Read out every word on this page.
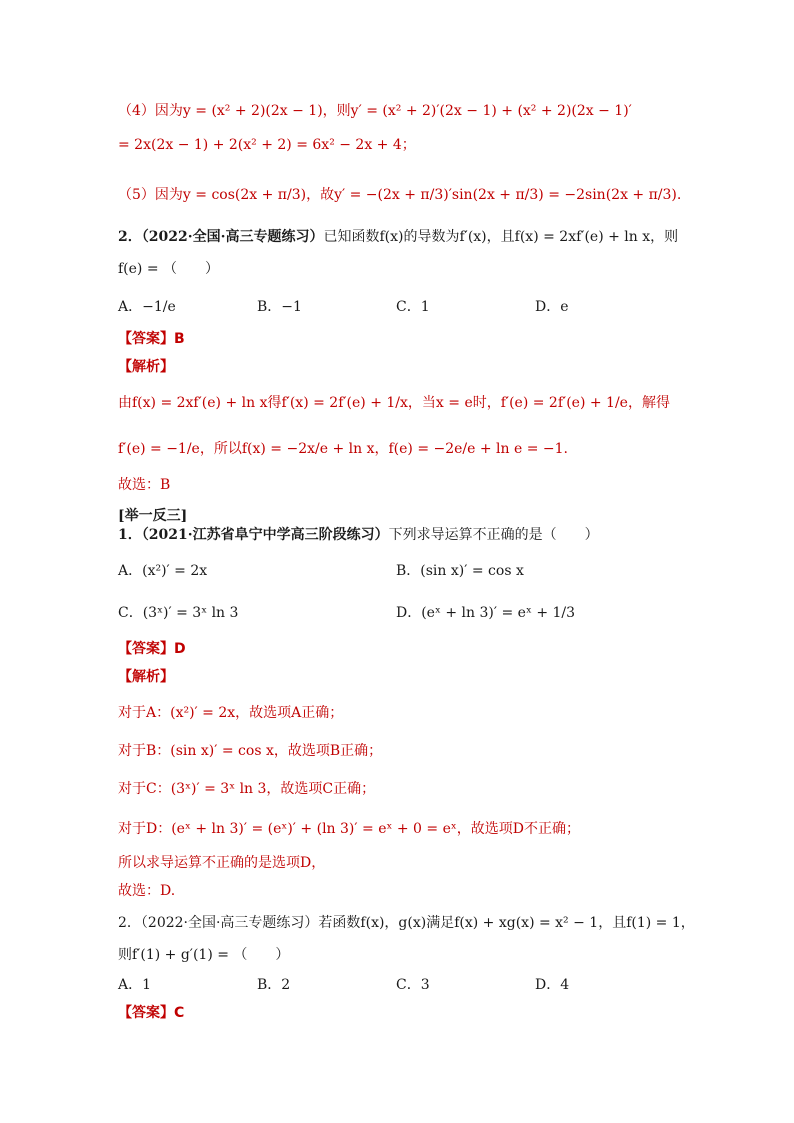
（4）因为y = (x² + 2)(2x − 1)，则y′ = (x² + 2)′(2x − 1) + (x² + 2)(2x − 1)′
= 2x(2x − 1) + 2(x² + 2) = 6x² − 2x + 4；
（5）因为y = cos(2x + π/3)，故y′ = −(2x + π/3)′sin(2x + π/3) = −2sin(2x + π/3).
2．（2022·全国·高三专题练习）已知函数f(x)的导数为f′(x)，且f(x) = 2xf′(e) + ln x，则
f(e) = （　　）
A．−1/e	B．−1	C．1	D．e
【答案】B
【解析】
由f(x) = 2xf′(e) + ln x得f′(x) = 2f′(e) + 1/x，当x = e时，f′(e) = 2f′(e) + 1/e，解得
f′(e) = −1/e，所以f(x) = −2x/e + ln x，f(e) = −2e/e + ln e = −1.
故选：B
[举一反三]
1．（2021·江苏省阜宁中学高三阶段练习）下列求导运算不正确的是（　　）
A．(x²)′ = 2x	B．(sin x)′ = cos x
C．(3ˣ)′ = 3ˣ ln 3	D．(eˣ + ln 3)′ = eˣ + 1/3
【答案】D
【解析】
对于A：(x²)′ = 2x，故选项A正确；
对于B：(sin x)′ = cos x，故选项B正确；
对于C：(3ˣ)′ = 3ˣ ln 3，故选项C正确；
对于D：(eˣ + ln 3)′ = (eˣ)′ + (ln 3)′ = eˣ + 0 = eˣ，故选项D不正确；
所以求导运算不正确的是选项D，
故选：D.
2．（2022·全国·高三专题练习）若函数f(x)，g(x)满足f(x) + xg(x) = x² − 1，且f(1) = 1，
则f′(1) + g′(1) = （　　）
A．1	B．2	C．3	D．4
【答案】C
